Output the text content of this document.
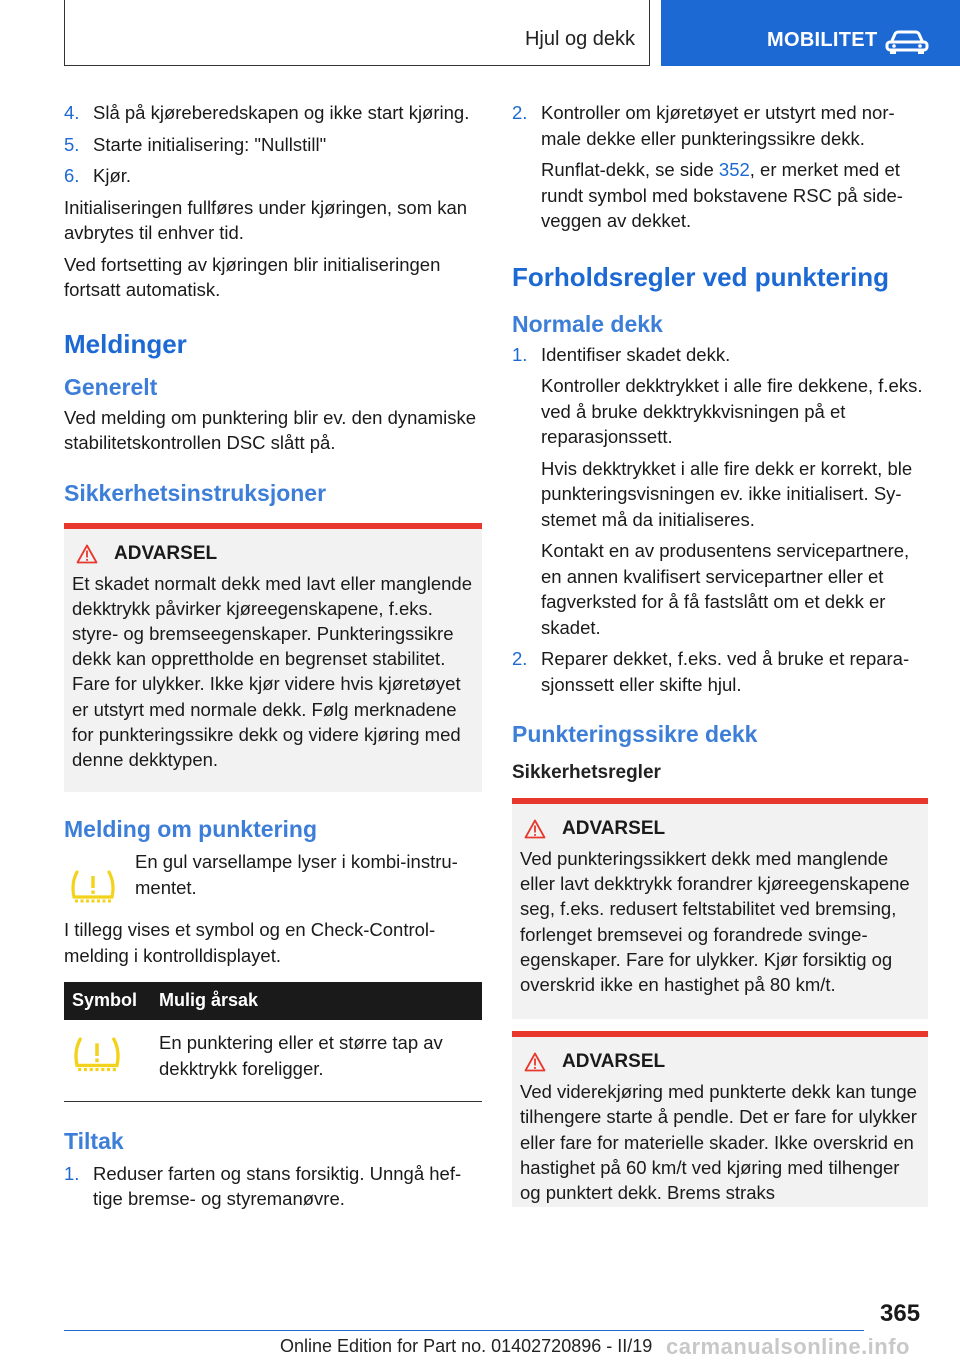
Hjul og dekk	MOBILITET
4. Slå på kjøreberedskapen og ikke start kjøring.
5. Starte initialisering: "Nullstill"
6. Kjør.

Initialiseringen fullføres under kjøringen, som kan avbrytes til enhver tid.

Ved fortsetting av kjøringen blir initialiseringen fortsatt automatisk.

Meldinger
Generelt

Ved melding om punktering blir ev. den dynamiske stabilitetskontrollen DSC slått på.

Sikkerhetsinstruksjoner
ADVARSEL

Et skadet normalt dekk med lavt eller manglende dekktrykk påvirker kjøreegenskapene, f.eks. styre- og bremseegenskaper. Punkteringssikre dekk kan opprettholde en begrenset stabilitet. Fare for ulykker. Ikke kjør videre hvis kjøretøyet er utstyrt med normale dekk. Følg merknadene for punkteringssikre dekk og videre kjøring med denne dekktypen.

Melding om punktering

En gul varsellampe lyser i kombi-instrumentet.

I tillegg vises et symbol og en Check-Control-melding i kontrolldisplayet.

Symbol	Mulig årsak
	En punktering eller et større tap av dekktrykk foreligger.
Tiltak
1. Reduser farten og stans forsiktig. Unngå heftige bremse- og styremanøvre.
2. Kontroller om kjøretøyet er utstyrt med normale dekke eller punkteringssikre dekk.
Runflat-dekk, se side 352, er merket med et rundt symbol med bokstavene RSC på sideveggen av dekket.
Forholdsregler ved punktering
Normale dekk
1. Identifiser skadet dekk.
Kontroller dekktrykket i alle fire dekkene, f.eks. ved å bruke dekktrykkvisningen på et reparasjonssett.
Hvis dekktrykket i alle fire dekk er korrekt, ble punkteringsvisningen ev. ikke initialisert. Systemet må da initialiseres.
Kontakt en av produsentens servicepartnere, en annen kvalifisert servicepartner eller et fagverksted for å få fastslått om et dekk er skadet.
2. Reparer dekket, f.eks. ved å bruke et reparasjonssett eller skifte hjul.
Punkteringssikre dekk
Sikkerhetsregler
ADVARSEL

Ved punkteringssikkert dekk med manglende eller lavt dekktrykk forandrer kjøreegenskapene seg, f.eks. redusert feltstabilitet ved bremsing, forlenget bremsevei og forandrede svingeegenskaper. Fare for ulykker. Kjør forsiktig og overskrid ikke en hastighet på 80 km/t.

ADVARSEL

Ved viderekjøring med punkterte dekk kan tunge tilhengere starte å pendle. Det er fare for ulykker eller fare for materielle skader. Ikke overskrid en hastighet på 60 km/t ved kjøring med tilhenger og punktert dekk. Brems straks

365
Online Edition for Part no. 01402720896 - II/19 carmanualsonline.info
